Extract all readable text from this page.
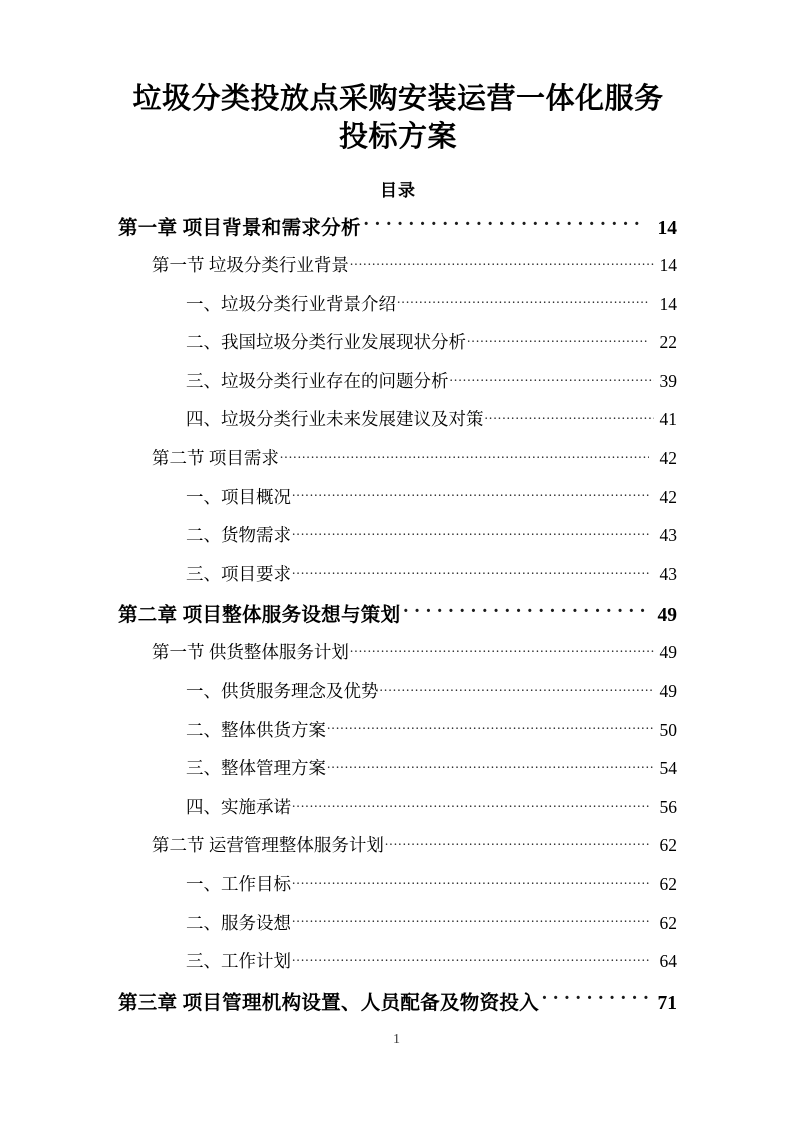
垃圾分类投放点采购安装运营一体化服务投标方案
目录
第一章 项目背景和需求分析 .....	14
第一节 垃圾分类行业背景 .....	14
一、垃圾分类行业背景介绍 .....	14
二、我国垃圾分类行业发展现状分析 .....	22
三、垃圾分类行业存在的问题分析 .....	39
四、垃圾分类行业未来发展建议及对策 .....	41
第二节 项目需求 .....	42
一、项目概况 .....	42
二、货物需求 .....	43
三、项目要求 .....	43
第二章 项目整体服务设想与策划 .....	49
第一节 供货整体服务计划 .....	49
一、供货服务理念及优势 .....	49
二、整体供货方案 .....	50
三、整体管理方案 .....	54
四、实施承诺 .....	56
第二节 运营管理整体服务计划 .....	62
一、工作目标 .....	62
二、服务设想 .....	62
三、工作计划 .....	64
第三章 项目管理机构设置、人员配备及物资投入 .....	71
1
